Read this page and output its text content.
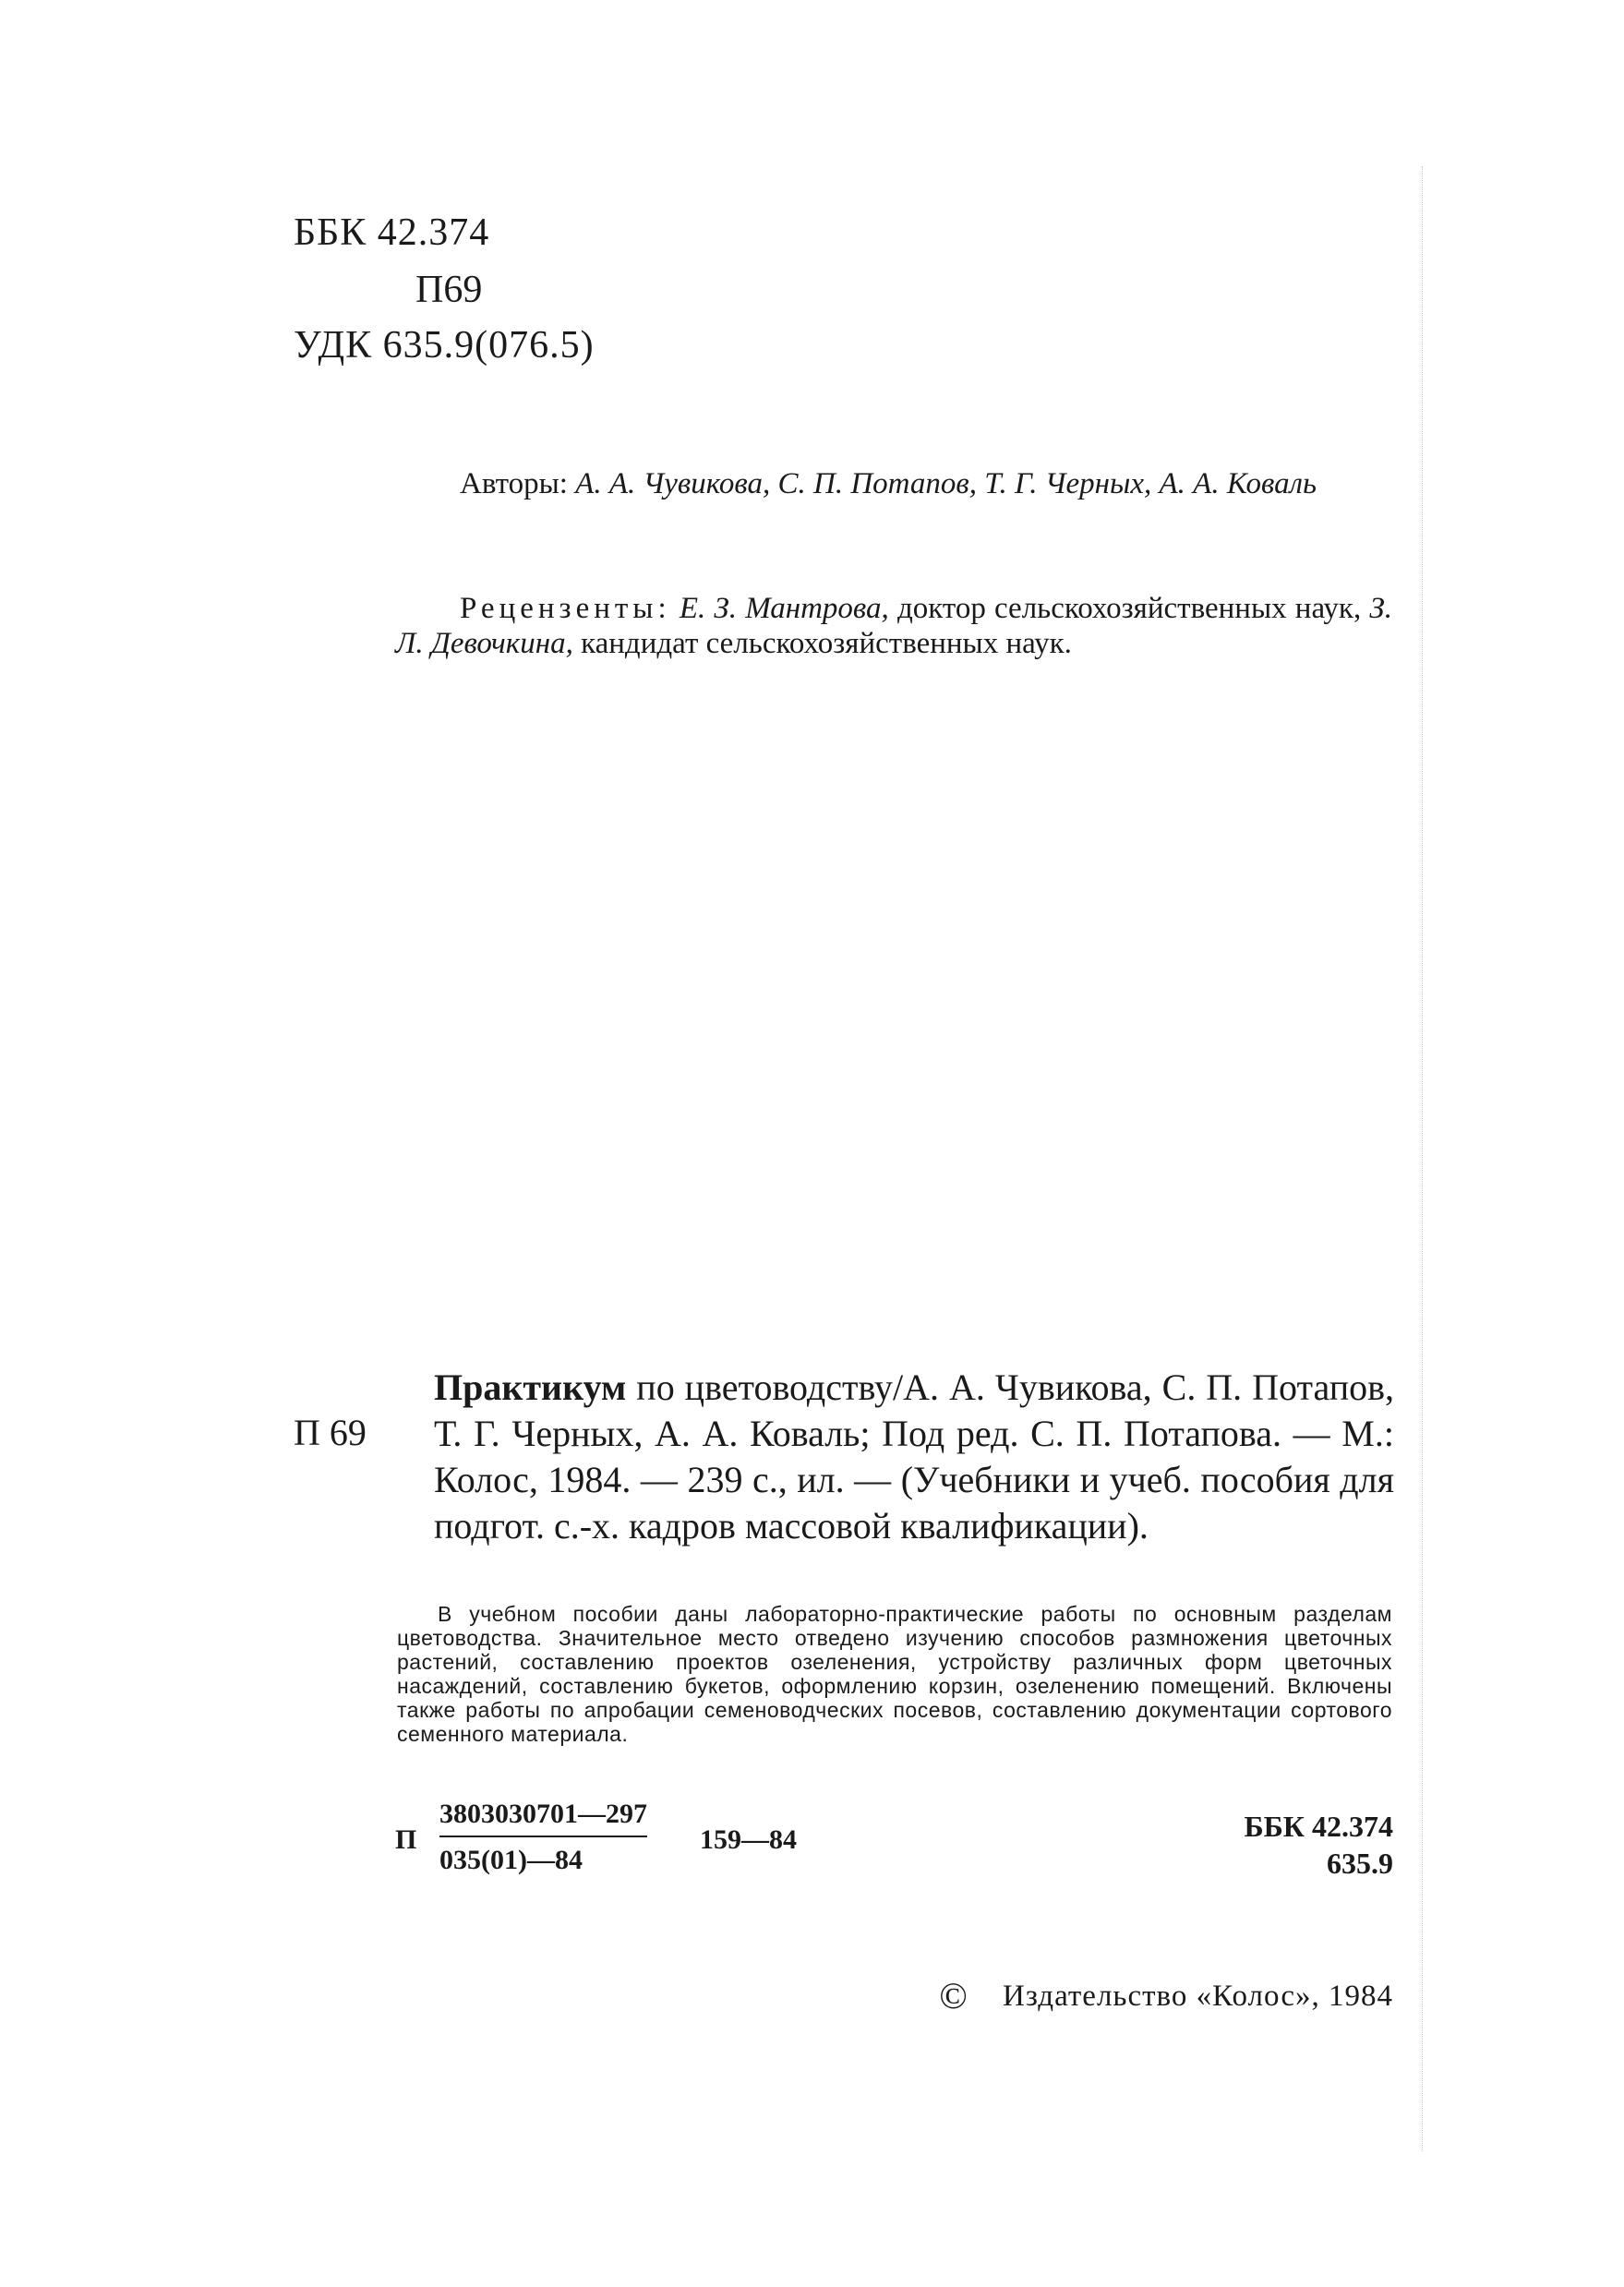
ББК 42.374
П69
УДК 635.9(076.5)
Авторы: А. А. Чувикова, С. П. Потапов, Т. Г. Черных, А. А. Коваль
Рецензенты: Е. З. Мантрова, доктор сельскохозяйственных наук, З. Л. Девочкина, кандидат сельскохозяйственных наук.
П 69
Практикум по цветоводству/А. А. Чувикова, С. П. Потапов, Т. Г. Черных, А. А. Коваль; Под ред. С. П. Потапова. — М.: Колос, 1984. — 239 с., ил. — (Учебники и учеб. пособия для подгот. с.-х. кадров массовой квалификации).
В учебном пособии даны лабораторно-практические работы по основным разделам цветоводства. Значительное место отведено изучению способов размножения цветочных растений, составлению проектов озеленения, устройству различных форм цветочных насаждений, составлению букетов, оформлению корзин, озеленению помещений. Включены также работы по апробации семеноводческих посевов, составлению документации сортового семенного материала.
П $\frac{3803030701—297}{035(01)—84}$ 159—84	ББК 42.374
635.9
© Издательство «Колос», 1984
